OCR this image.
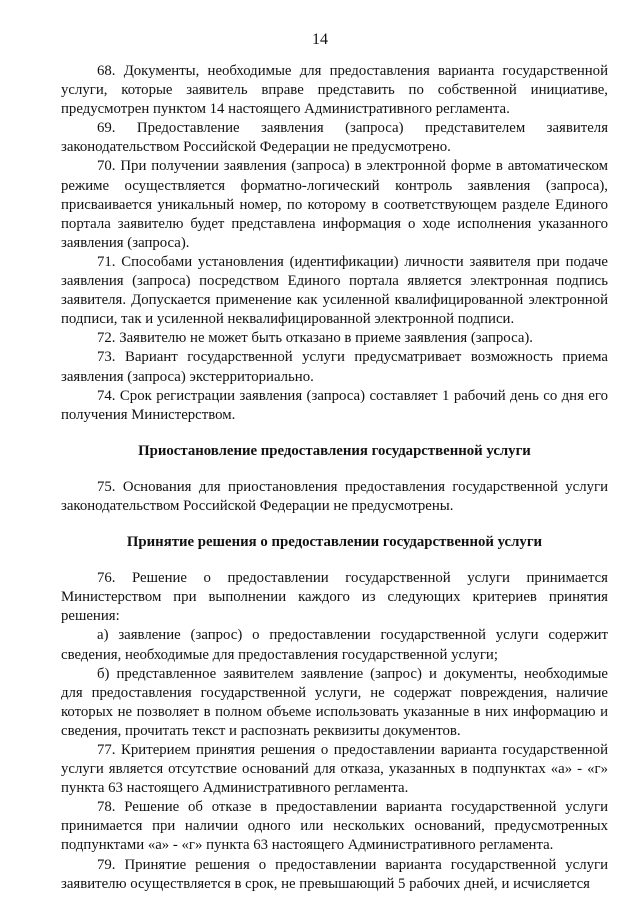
14

68. Документы, необходимые для предоставления варианта государственной услуги, которые заявитель вправе представить по собственной инициативе, предусмотрен пунктом 14 настоящего Административного регламента.

69. Предоставление заявления (запроса) представителем заявителя законодательством Российской Федерации не предусмотрено.

70. При получении заявления (запроса) в электронной форме в автоматическом режиме осуществляется форматно-логический контроль заявления (запроса), присваивается уникальный номер, по которому в соответствующем разделе Единого портала заявителю будет представлена информация о ходе исполнения указанного заявления (запроса).

71. Способами установления (идентификации) личности заявителя при подаче заявления (запроса) посредством Единого портала является электронная подпись заявителя. Допускается применение как усиленной квалифицированной электронной подписи, так и усиленной неквалифицированной электронной подписи.

72. Заявителю не может быть отказано в приеме заявления (запроса).

73. Вариант государственной услуги предусматривает возможность приема заявления (запроса) экстерриториально.

74. Срок регистрации заявления (запроса) составляет 1 рабочий день со дня его получения Министерством.

Приостановление предоставления государственной услуги

75. Основания для приостановления предоставления государственной услуги законодательством Российской Федерации не предусмотрены.

Принятие решения о предоставлении государственной услуги

76. Решение о предоставлении государственной услуги принимается Министерством при выполнении каждого из следующих критериев принятия решения:

а) заявление (запрос) о предоставлении государственной услуги содержит сведения, необходимые для предоставления государственной услуги;

б) представленное заявителем заявление (запрос) и документы, необходимые для предоставления государственной услуги, не содержат повреждения, наличие которых не позволяет в полном объеме использовать указанные в них информацию и сведения, прочитать текст и распознать реквизиты документов.

77. Критерием принятия решения о предоставлении варианта государственной услуги является отсутствие оснований для отказа, указанных в подпунктах «а» - «г» пункта 63 настоящего Административного регламента.

78. Решение об отказе в предоставлении варианта государственной услуги принимается при наличии одного или нескольких оснований, предусмотренных подпунктами «а» - «г» пункта 63 настоящего Административного регламента.

79. Принятие решения о предоставлении варианта государственной услуги заявителю осуществляется в срок, не превышающий 5 рабочих дней, и исчисляется
